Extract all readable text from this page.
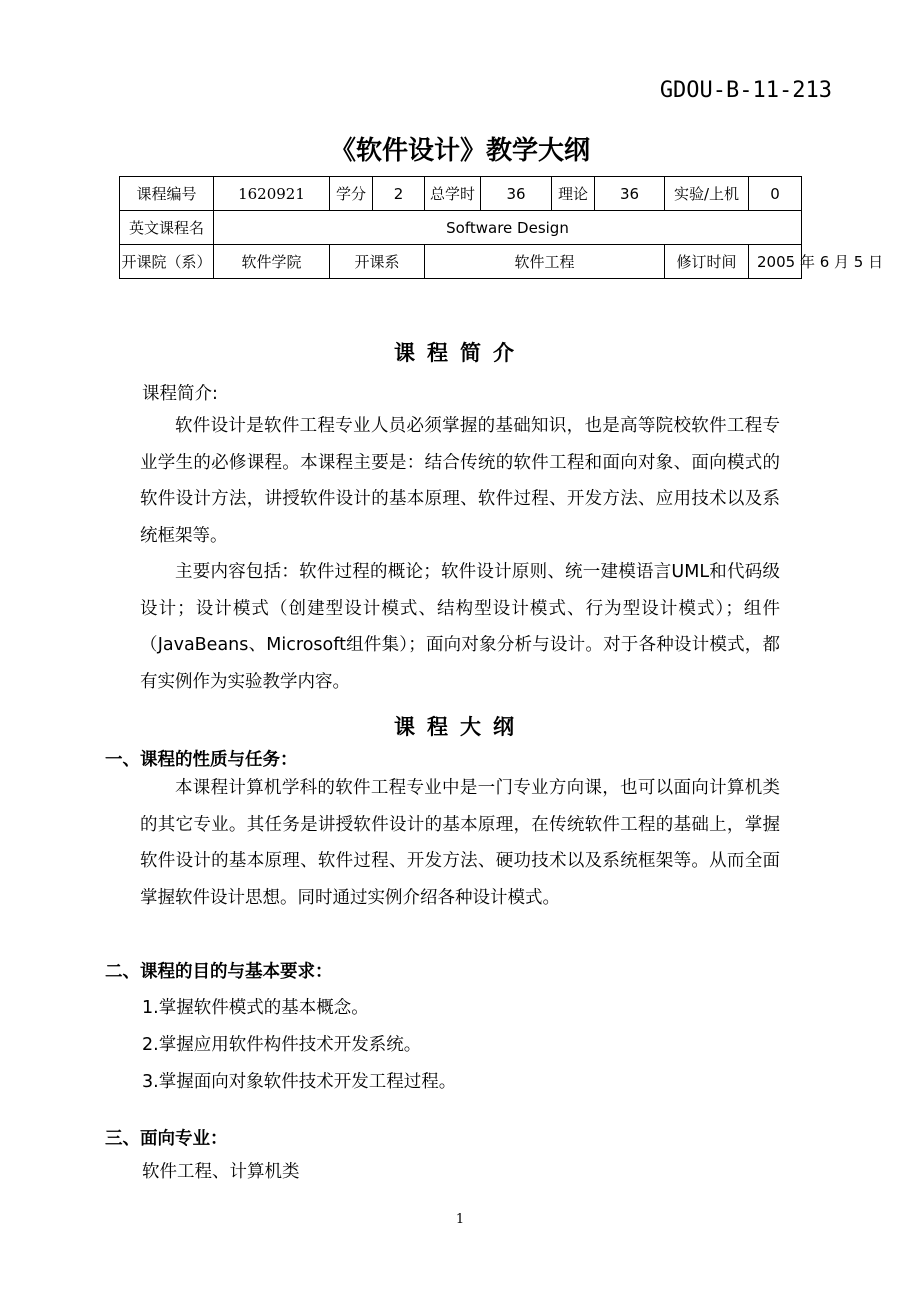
GDOU-B-11-213
《软件设计》教学大纲
课程编号	1620921	学分	2	总学时	36	理论	36	实验/上机	0
英文课程名	Software Design								
开课院（系）	软件学院	开课系		软件工程				修订时间	2005 年 6 月 5 日
课程简介
课程简介:
软件设计是软件工程专业人员必须掌握的基础知识，也是高等院校软件工程专业学生的必修课程。本课程主要是：结合传统的软件工程和面向对象、面向模式的软件设计方法，讲授软件设计的基本原理、软件过程、开发方法、应用技术以及系统框架等。
主要内容包括：软件过程的概论；软件设计原则、统一建模语言UML和代码级设计；设计模式（创建型设计模式、结构型设计模式、行为型设计模式）；组件（JavaBeans、Microsoft组件集）；面向对象分析与设计。对于各种设计模式，都有实例作为实验教学内容。
课程大纲
一、课程的性质与任务：
本课程计算机学科的软件工程专业中是一门专业方向课，也可以面向计算机类的其它专业。其任务是讲授软件设计的基本原理，在传统软件工程的基础上，掌握软件设计的基本原理、软件过程、开发方法、硬功技术以及系统框架等。从而全面掌握软件设计思想。同时通过实例介绍各种设计模式。
二、课程的目的与基本要求：
1.掌握软件模式的基本概念。
2.掌握应用软件构件技术开发系统。
3.掌握面向对象软件技术开发工程过程。
三、面向专业：
软件工程、计算机类
1
